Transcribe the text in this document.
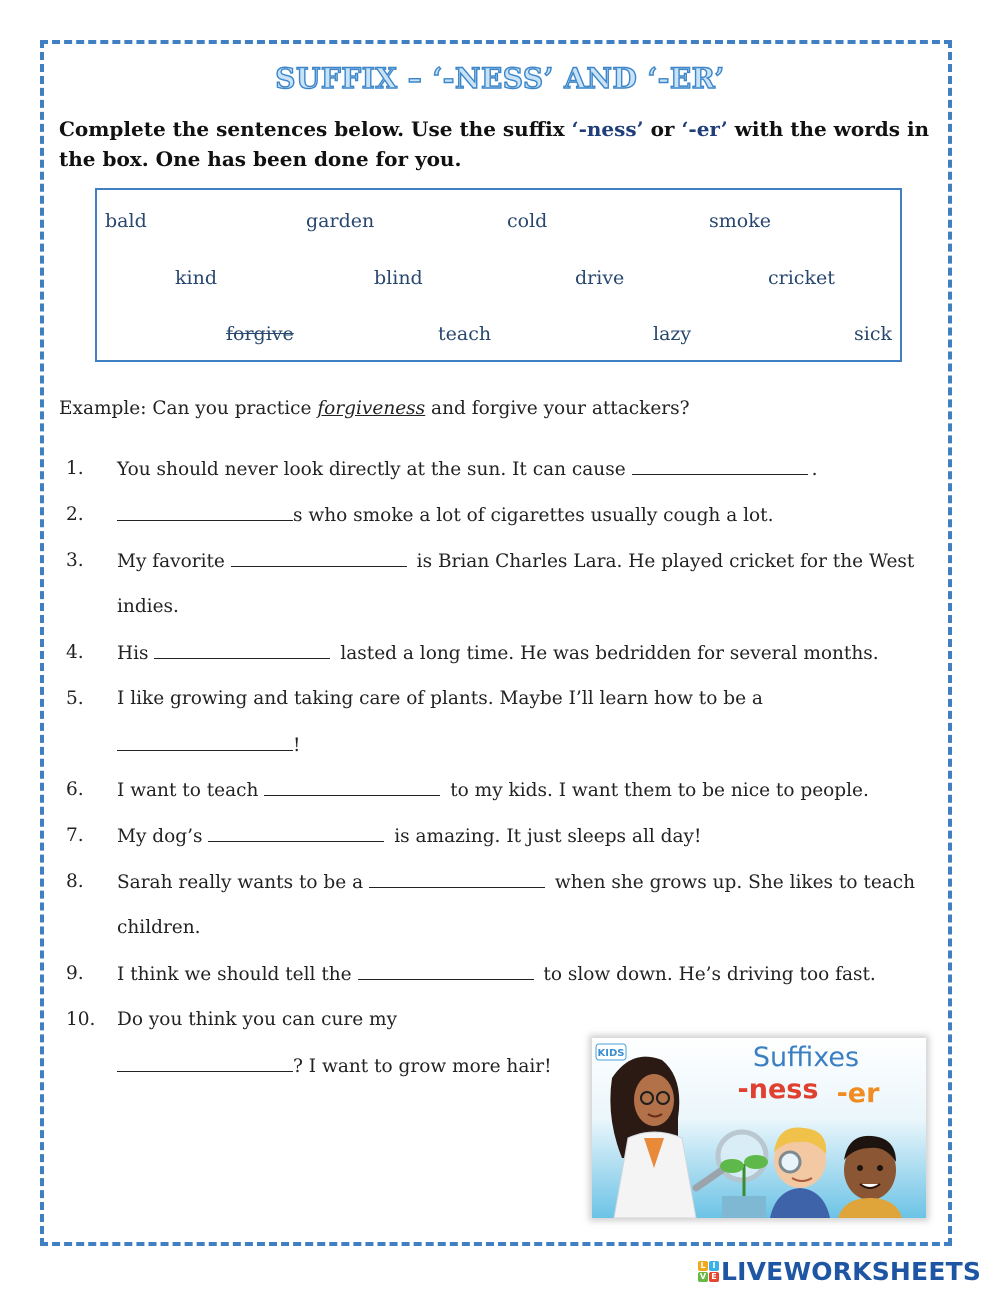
SUFFIX – ‘-NESS’ AND ‘-ER’
Complete the sentences below. Use the suffix ‘-ness’ or ‘-er’ with the words in the box. One has been done for you.
bald	garden	cold	smoke
kind	blind	drive	cricket
forgive	teach	lazy	sick
Example: Can you practice forgiveness and forgive your attackers?
1. You should never look directly at the sun. It can cause	.
2.	s who smoke a lot of cigarettes usually cough a lot.
3. My favorite	is Brian Charles Lara. He played cricket for the West
indies.
4. His	lasted a long time. He was bedridden for several months.
5. I like growing and taking care of plants. Maybe I’ll learn how to be a
!
6. I want to teach	to my kids. I want them to be nice to people.
7. My dog’s	is amazing. It just sleeps all day!
8. Sarah really wants to be a	when she grows up. She likes to teach
children.
9. I think we should tell the	to slow down. He’s driving too fast.
10. Do you think you can cure my
? I want to grow more hair!
KIDS	Suffixes
-ness -er
L I
V E LIVEWORKSHEETS
